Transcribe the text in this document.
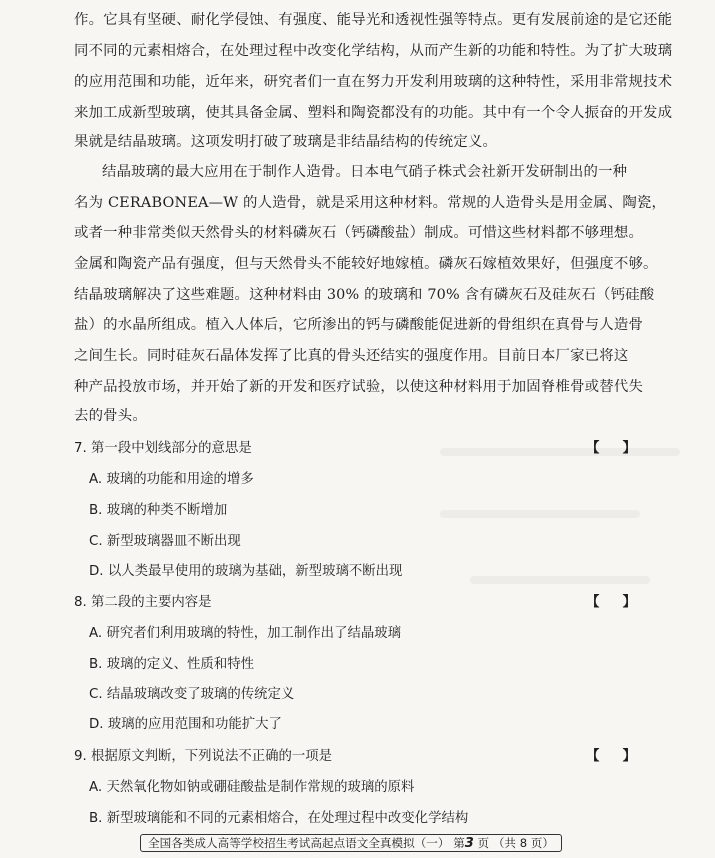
作。它具有坚硬、耐化学侵蚀、有强度、能导光和透视性强等特点。更有发展前途的是它还能
同不同的元素相熔合，在处理过程中改变化学结构，从而产生新的功能和特性。为了扩大玻璃
的应用范围和功能，近年来，研究者们一直在努力开发利用玻璃的这种特性，采用非常规技术
来加工成新型玻璃，使其具备金属、塑料和陶瓷都没有的功能。其中有一个令人振奋的开发成
果就是结晶玻璃。这项发明打破了玻璃是非结晶结构的传统定义。
结晶玻璃的最大应用在于制作人造骨。日本电气硝子株式会社新开发研制出的一种
名为 CERABONEA—W 的人造骨，就是采用这种材料。常规的人造骨头是用金属、陶瓷，
或者一种非常类似天然骨头的材料磷灰石（钙磷酸盐）制成。可惜这些材料都不够理想。
金属和陶瓷产品有强度，但与天然骨头不能较好地嫁植。磷灰石嫁植效果好，但强度不够。
结晶玻璃解决了这些难题。这种材料由 30% 的玻璃和 70% 含有磷灰石及硅灰石（钙硅酸
盐）的水晶所组成。植入人体后，它所渗出的钙与磷酸能促进新的骨组织在真骨与人造骨
之间生长。同时硅灰石晶体发挥了比真的骨头还结实的强度作用。目前日本厂家已将这
种产品投放市场，并开始了新的开发和医疗试验，以使这种材料用于加固脊椎骨或替代失
去的骨头。
7. 第一段中划线部分的意思是	【 】
A. 玻璃的功能和用途的增多
B. 玻璃的种类不断增加
C. 新型玻璃器皿不断出现
D. 以人类最早使用的玻璃为基础，新型玻璃不断出现
8. 第二段的主要内容是	【 】
A. 研究者们利用玻璃的特性，加工制作出了结晶玻璃
B. 玻璃的定义、性质和特性
C. 结晶玻璃改变了玻璃的传统定义
D. 玻璃的应用范围和功能扩大了
9. 根据原文判断，下列说法不正确的一项是	【 】
A. 天然氧化物如钠或硼硅酸盐是制作常规的玻璃的原料
B. 新型玻璃能和不同的元素相熔合，在处理过程中改变化学结构
全国各类成人高等学校招生考试高起点语文全真模拟（一） 第3 页 （共 8 页）
